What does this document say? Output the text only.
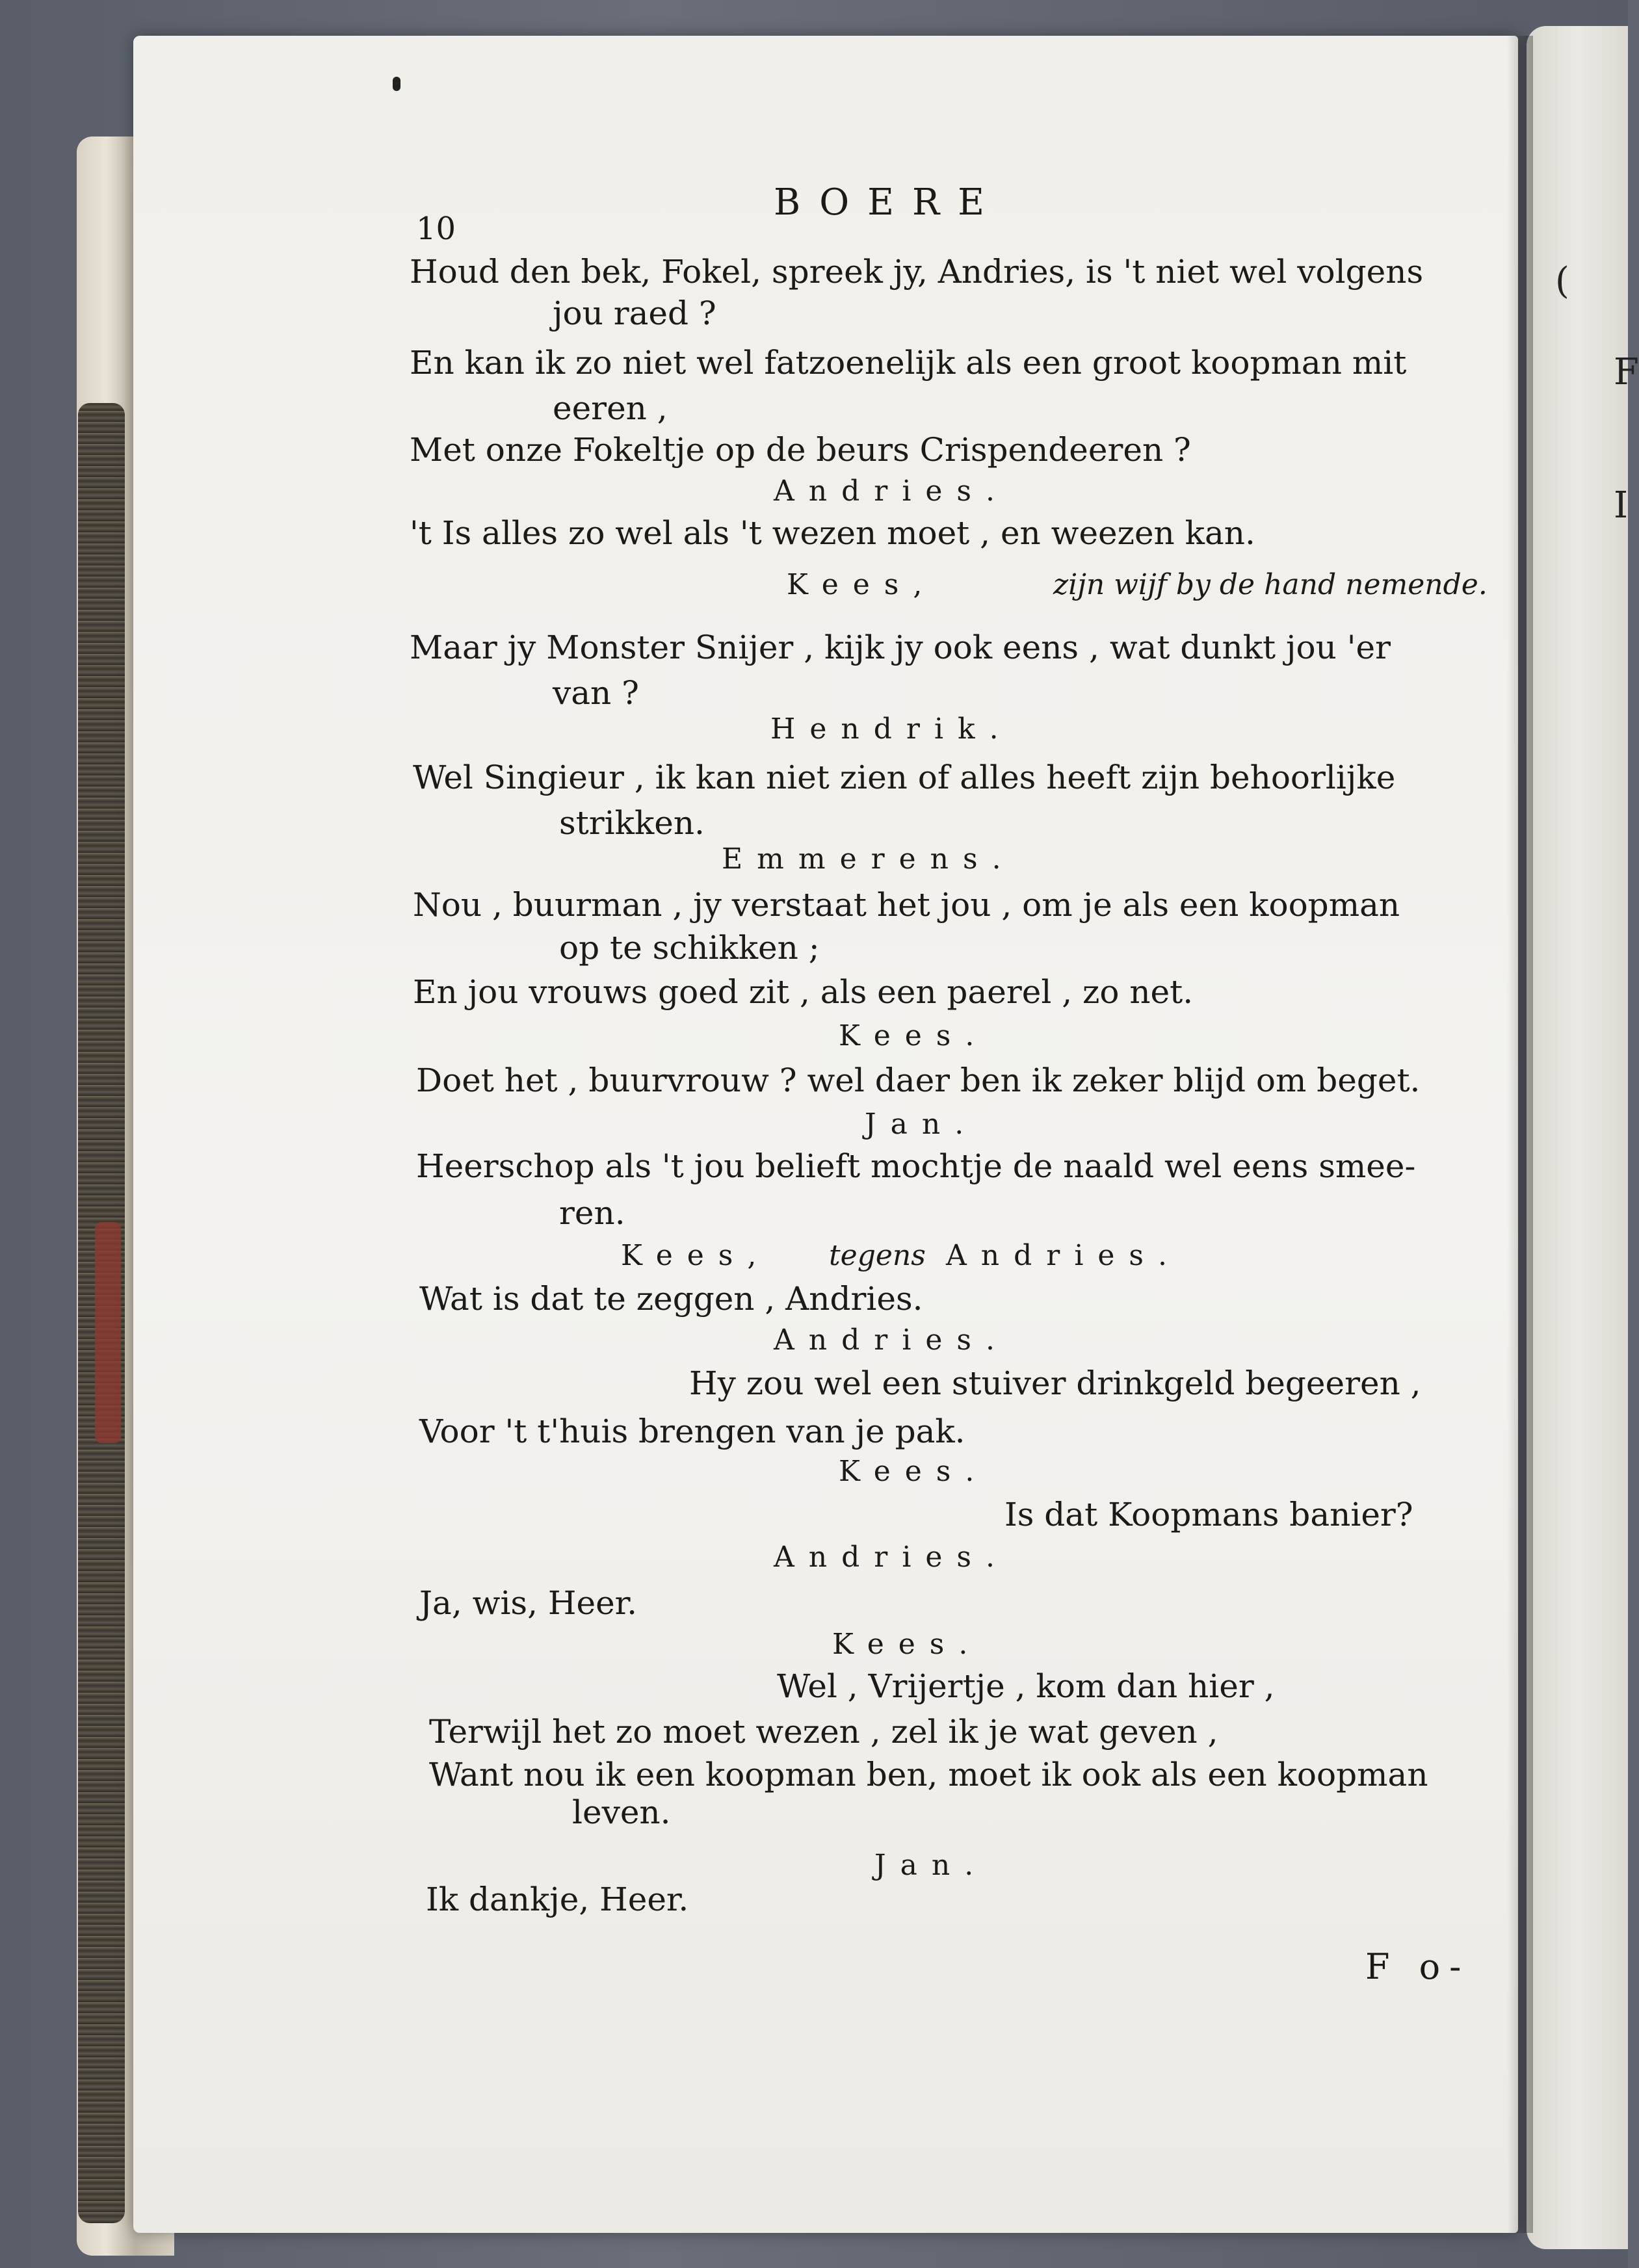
(
F
I
10
BOERE
Houd den bek, Fokel, spreek jy, Andries, is 't niet wel volgens
jou raed ?
En kan ik zo niet wel fatzoenelijk als een groot koopman mit
eeren ,
Met onze Fokeltje op de beurs Crispendeeren ?
Andries.
't Is alles zo wel als 't wezen moet , en weezen kan.
Kees,	zijn wijf by de hand nemende.
Maar jy Monster Snijer , kijk jy ook eens , wat dunkt jou 'er
van ?
Hendrik.
Wel Singieur , ik kan niet zien of alles heeft zijn behoorlijke
strikken.
Emmerens.
Nou , buurman , jy verstaat het jou , om je als een koopman
op te schikken ;
En jou vrouws goed zit , als een paerel , zo net.
Kees.
Doet het , buurvrouw ? wel daer ben ik zeker blijd om beget.
Jan.
Heerschop als 't jou belieft mochtje de naald wel eens smee-
ren.
Kees, tegens Andries.
Wat is dat te zeggen , Andries.
Andries.
Hy zou wel een stuiver drinkgeld begeeren ,
Voor 't t'huis brengen van je pak.
Kees.
Is dat Koopmans banier?
Andries.
Ja, wis, Heer.
Kees.
Wel , Vrijertje , kom dan hier ,
Terwijl het zo moet wezen , zel ik je wat geven ,
Want nou ik een koopman ben, moet ik ook als een koopman
leven.
Jan.
Ik dankje, Heer.
F o-
